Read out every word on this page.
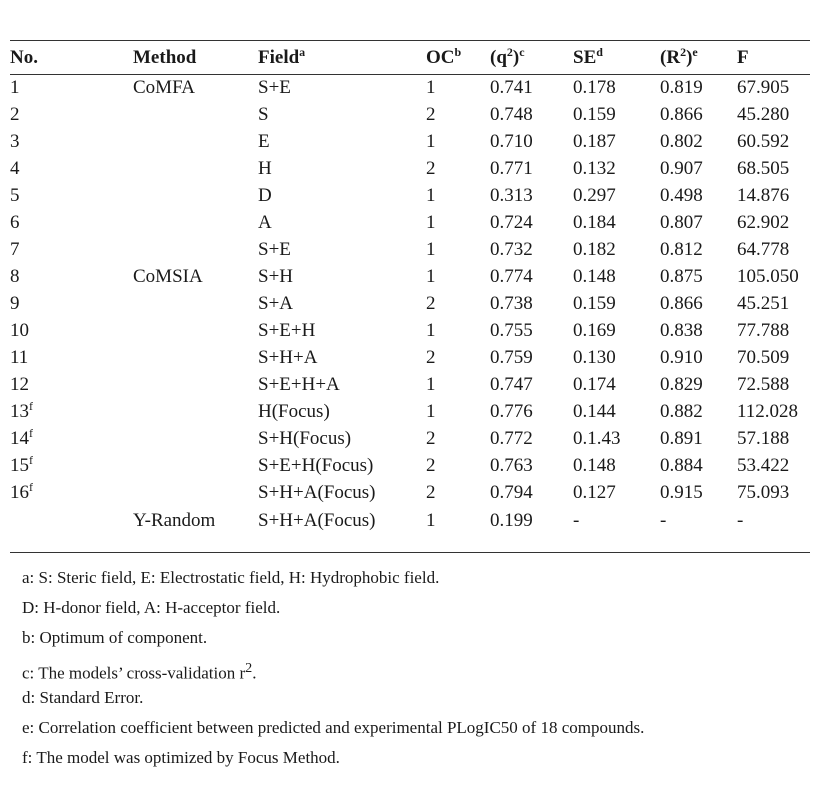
No.	Method	Field$^a$	$OC^b$	$(q^2)^c$	$SE^d$	$(R^2)^e$	F
1	CoMFA	S+E	1	0.741	0.178	0.819	67.905
2		S	2	0.748	0.159	0.866	45.280
3		E	1	0.710	0.187	0.802	60.592
4		H	2	0.771	0.132	0.907	68.505
5		D	1	0.313	0.297	0.498	14.876
6		A	1	0.724	0.184	0.807	62.902
7		S+E	1	0.732	0.182	0.812	64.778
8	CoMSIA	S+H	1	0.774	0.148	0.875	105.050
9		S+A	2	0.738	0.159	0.866	45.251
10		S+E+H	1	0.755	0.169	0.838	77.788
11		S+H+A	2	0.759	0.130	0.910	70.509
12		S+E+H+A	1	0.747	0.174	0.829	72.588
13$^f$		H(Focus)	1	0.776	0.144	0.882	112.028
14$^f$		S+H(Focus)	2	0.772	0.1.43	0.891	57.188
15$^f$		S+E+H(Focus)	2	0.763	0.148	0.884	53.422
16$^f$		S+H+A(Focus)	2	0.794	0.127	0.915	75.093
	Y-Random	S+H+A(Focus)	1	0.199	-	-	-
a: S: Steric field, E: Electrostatic field, H: Hydrophobic field.
D: H-donor field, A: H-acceptor field.
b: Optimum of component.
c: The models’ cross-validation $r^2$.
d: Standard Error.
e: Correlation coefficient between predicted and experimental PLogIC50 of 18 compounds.
f: The model was optimized by Focus Method.
